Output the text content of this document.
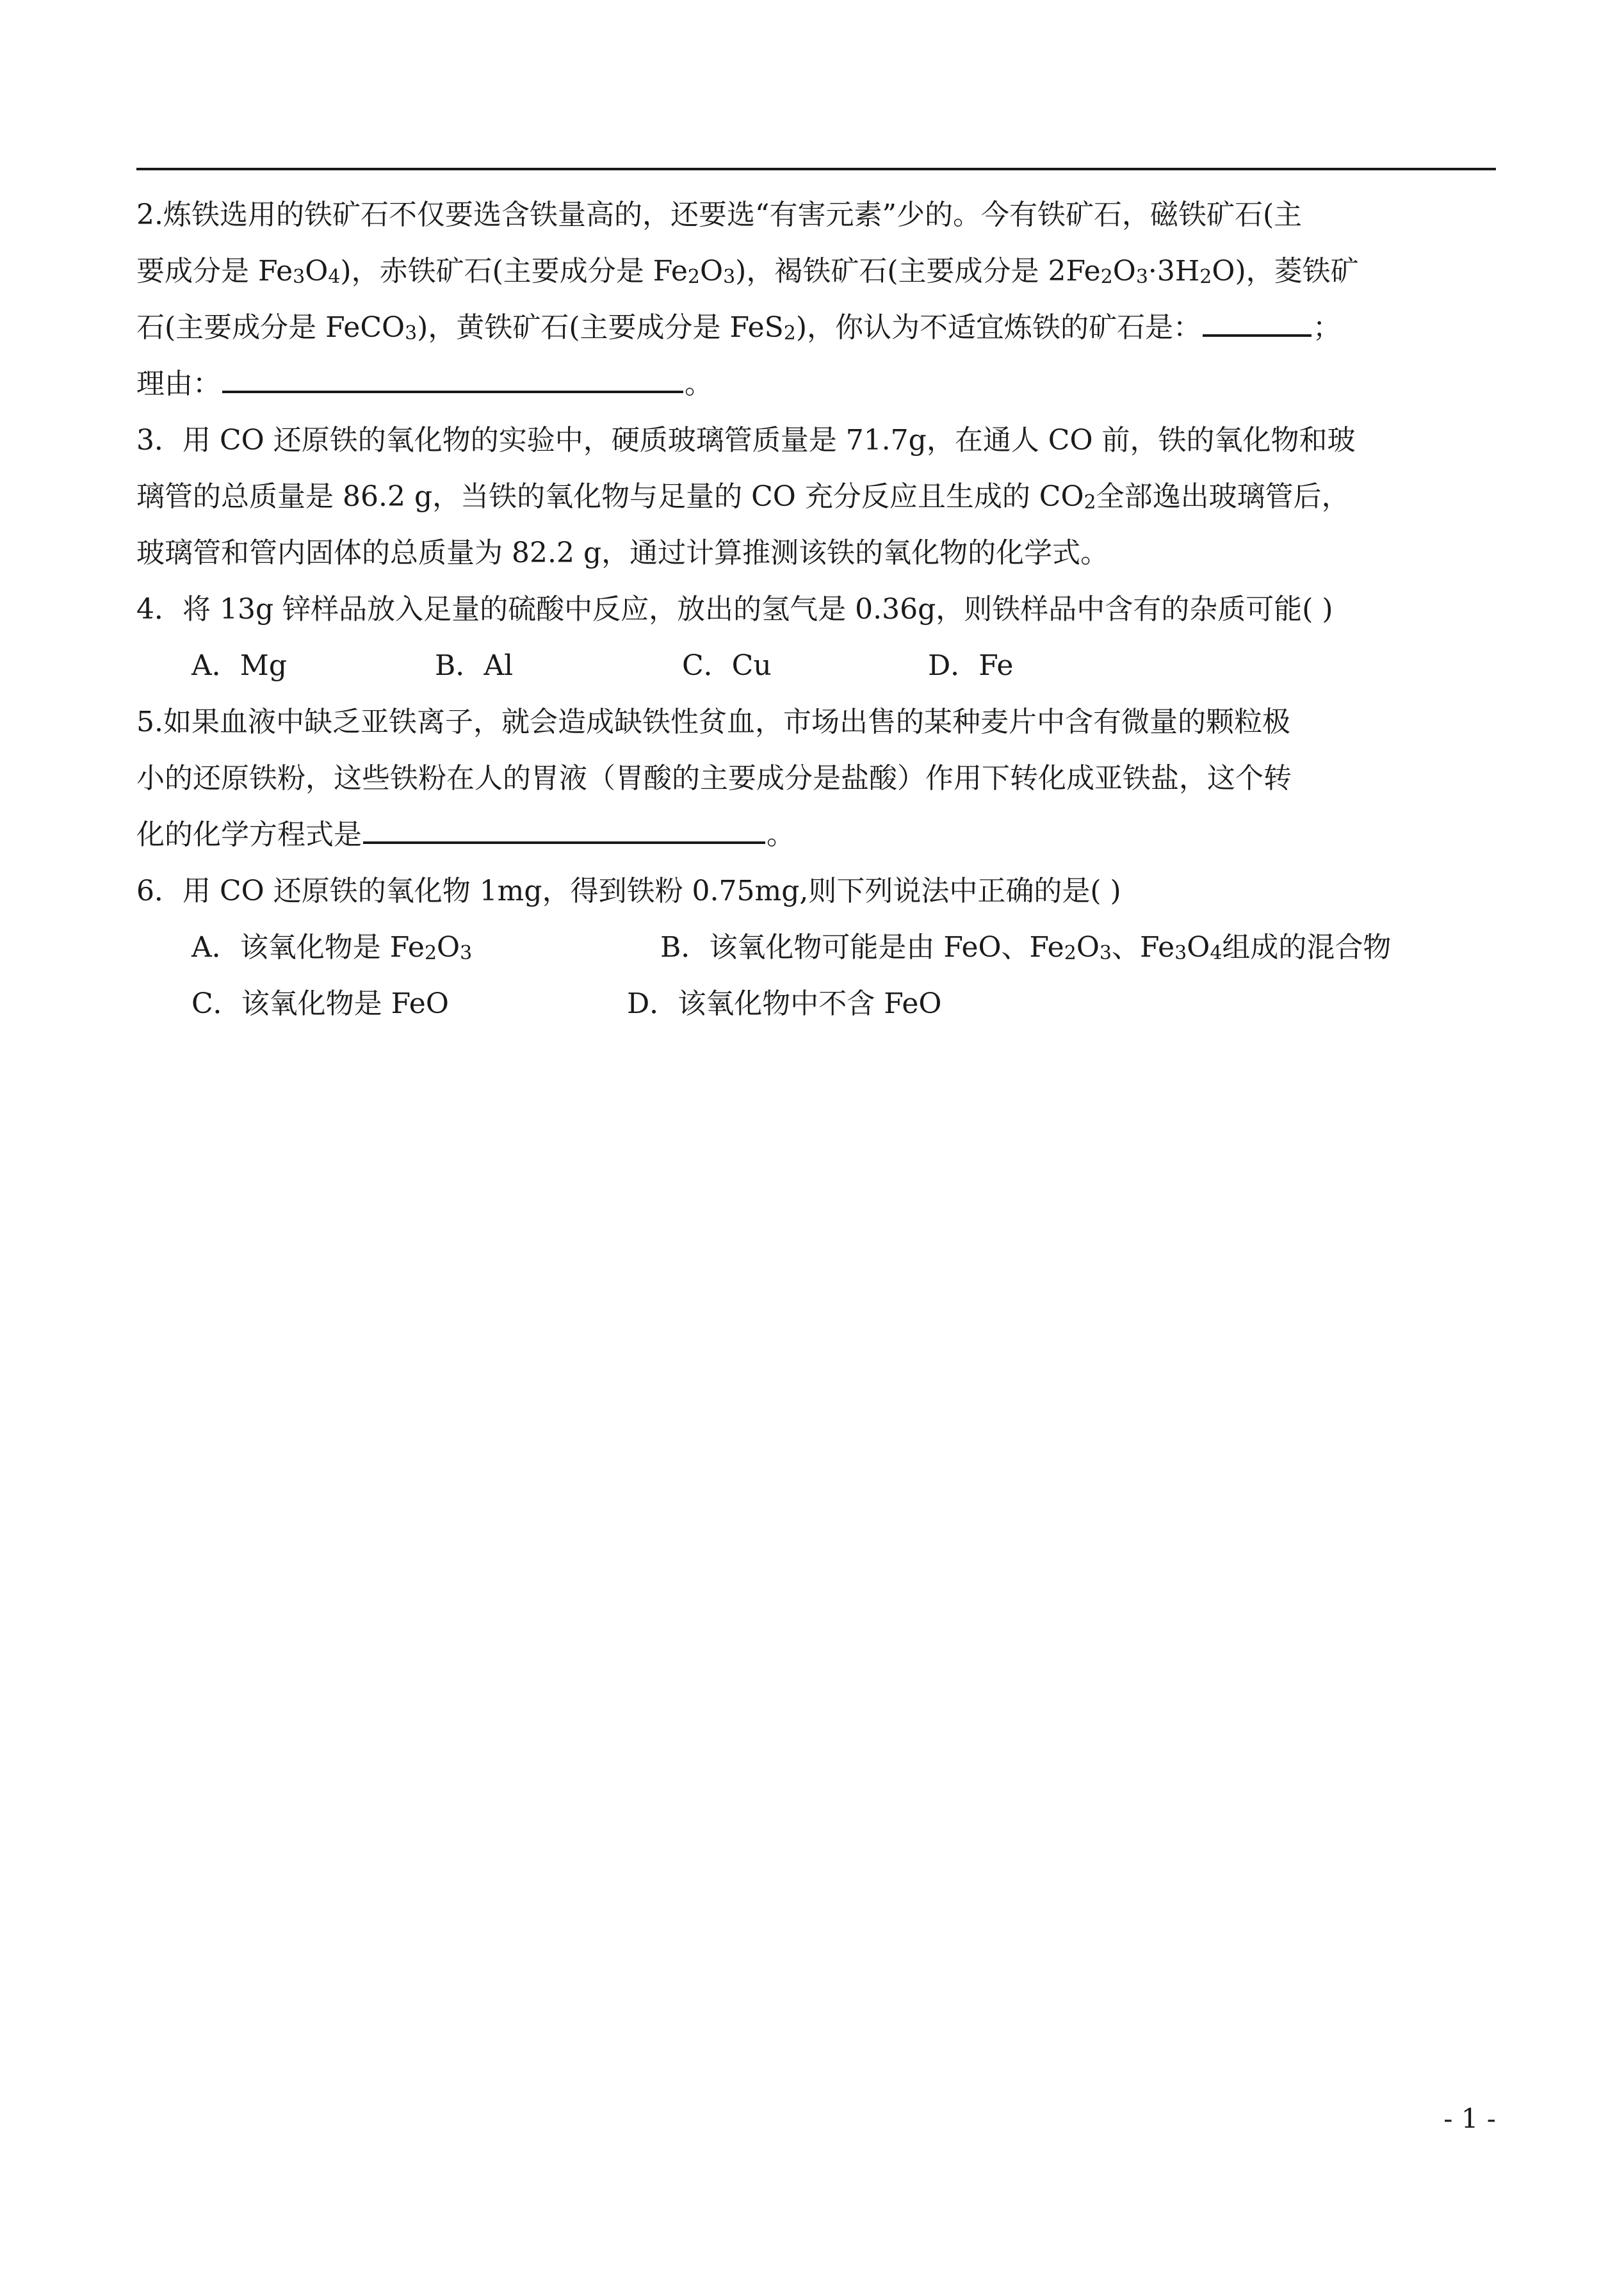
2.炼铁选用的铁矿石不仅要选含铁量高的，还要选“有害元素”少的。今有铁矿石，磁铁矿石(主
要成分是 $Fe_3$ $O_4$ )，赤铁矿石(主要成分是 $Fe_2$ $O_3$ )，褐铁矿石(主要成分是 $2Fe_2$ $O_3 \cdot 3H_2$ O)，菱铁矿
石(主要成分是 FeCO$_3$ )，黄铁矿石(主要成分是 FeS$_2$ )，你认为不适宜炼铁的矿石是：	；
理由：	。
3．用 CO 还原铁的氧化物的实验中，硬质玻璃管质量是 71.7g，在通人 CO 前，铁的氧化物和玻
璃管的总质量是 86.2 g，当铁的氧化物与足量的 CO 充分反应且生成的 $CO_2$ 全部逸出玻璃管后，
玻璃管和管内固体的总质量为 82.2 g，通过计算推测该铁的氧化物的化学式。
4．将 13g 锌样品放入足量的硫酸中反应，放出的氢气是 0.36g，则铁样品中含有的杂质可能( )
A．Mg	B．Al	C．Cu	D．Fe
5.如果血液中缺乏亚铁离子，就会造成缺铁性贫血，市场出售的某种麦片中含有微量的颗粒极
小的还原铁粉，这些铁粉在人的胃液（胃酸的主要成分是盐酸）作用下转化成亚铁盐，这个转
化的化学方程式是	。
6．用 CO 还原铁的氧化物 1mg，得到铁粉 0.75mg,则下列说法中正确的是( )
A．该氧化物是 $Fe_2O_3$	B．该氧化物可能是由 FeO、$Fe_2O_3$、$Fe_3O_4$组成的混合物
C．该氧化物是 FeO	D．该氧化物中不含 FeO
- 1 -
